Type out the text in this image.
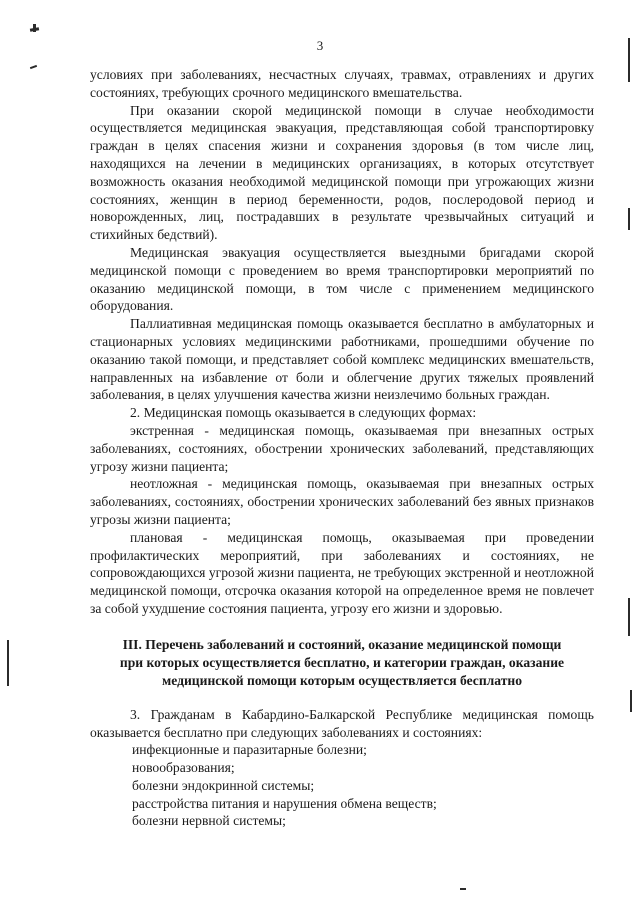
3

условиях при заболеваниях, несчастных случаях, травмах, отравлениях и других состояниях, требующих срочного медицинского вмешательства.

При оказании скорой медицинской помощи в случае необходимости осуществляется медицинская эвакуация, представляющая собой транспортировку граждан в целях спасения жизни и сохранения здоровья (в том числе лиц, находящихся на лечении в медицинских организациях, в которых отсутствует возможность оказания необходимой медицинской помощи при угрожающих жизни состояниях, женщин в период беременности, родов, послеродовой период и новорожденных, лиц, пострадавших в результате чрезвычайных ситуаций и стихийных бедствий).

Медицинская эвакуация осуществляется выездными бригадами скорой медицинской помощи с проведением во время транспортировки мероприятий по оказанию медицинской помощи, в том числе с применением медицинского оборудования.

Паллиативная медицинская помощь оказывается бесплатно в амбулаторных и стационарных условиях медицинскими работниками, прошедшими обучение по оказанию такой помощи, и представляет собой комплекс медицинских вмешательств, направленных на избавление от боли и облегчение других тяжелых проявлений заболевания, в целях улучшения качества жизни неизлечимо больных граждан.

2. Медицинская помощь оказывается в следующих формах:

экстренная - медицинская помощь, оказываемая при внезапных острых заболеваниях, состояниях, обострении хронических заболеваний, представляющих угрозу жизни пациента;

неотложная - медицинская помощь, оказываемая при внезапных острых заболеваниях, состояниях, обострении хронических заболеваний без явных признаков угрозы жизни пациента;

плановая - медицинская помощь, оказываемая при проведении профилактических мероприятий, при заболеваниях и состояниях, не сопровождающихся угрозой жизни пациента, не требующих экстренной и неотложной медицинской помощи, отсрочка оказания которой на определенное время не повлечет за собой ухудшение состояния пациента, угрозу его жизни и здоровью.

III. Перечень заболеваний и состояний, оказание медицинской помощи

при которых осуществляется бесплатно, и категории граждан, оказание

медицинской помощи которым осуществляется бесплатно

3. Гражданам в Кабардино-Балкарской Республике медицинская помощь оказывается бесплатно при следующих заболеваниях и состояниях:

инфекционные и паразитарные болезни;

новообразования;

болезни эндокринной системы;

расстройства питания и нарушения обмена веществ;

болезни нервной системы;
